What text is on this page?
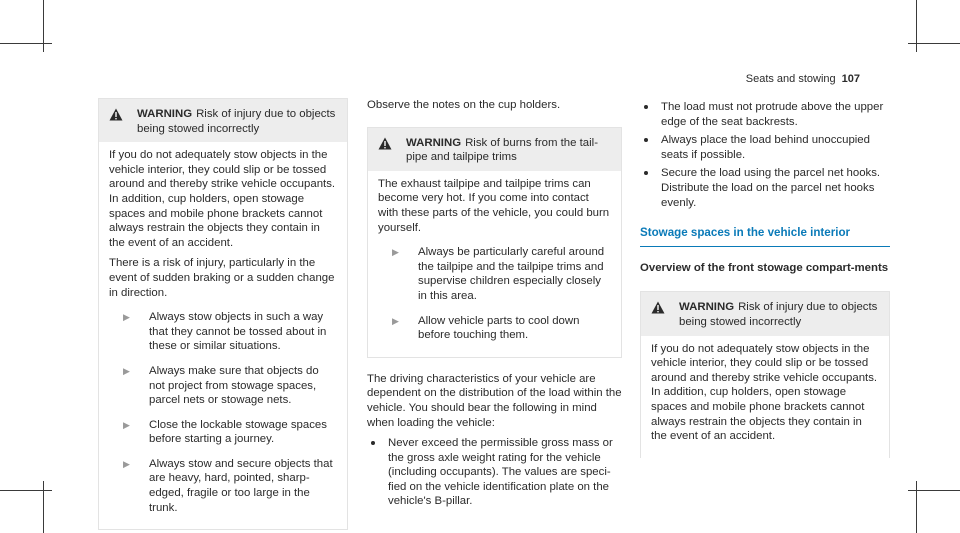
Seats and stowing 107
WARNING Risk of injury due to objects being stowed incorrectly

If you do not adequately stow objects in the vehicle interior, they could slip or be tossed around and thereby strike vehicle occupants. In addition, cup holders, open stowage spaces and mobile phone brackets cannot always restrain the objects they contain in the event of an accident.

There is a risk of injury, particularly in the event of sudden braking or a sudden change in direction.

▶ Always stow objects in such a way that they cannot be tossed about in these or similar situations.
▶ Always make sure that objects do not project from stowage spaces, parcel nets or stowage nets.
▶ Close the lockable stowage spaces before starting a journey.
▶ Always stow and secure objects that are heavy, hard, pointed, sharp-edged, fragile or too large in the trunk.

Observe the notes on the cup holders.

WARNING Risk of burns from the tail-pipe and tailpipe trims

The exhaust tailpipe and tailpipe trims can become very hot. If you come into contact with these parts of the vehicle, you could burn yourself.

▶ Always be particularly careful around the tailpipe and the tailpipe trims and supervise children especially closely in this area.
▶ Allow vehicle parts to cool down before touching them.

The driving characteristics of your vehicle are dependent on the distribution of the load within the vehicle. You should bear the following in mind when loading the vehicle:

Never exceed the permissible gross mass or the gross axle weight rating for the vehicle (including occupants). The values are speci-fied on the vehicle identification plate on the vehicle's B-pillar.
The load must not protrude above the upper edge of the seat backrests.
Always place the load behind unoccupied seats if possible.
Secure the load using the parcel net hooks. Distribute the load on the parcel net hooks evenly.
Stowage spaces in the vehicle interior
Overview of the front stowage compart-ments
WARNING Risk of injury due to objects being stowed incorrectly

If you do not adequately stow objects in the vehicle interior, they could slip or be tossed around and thereby strike vehicle occupants. In addition, cup holders, open stowage spaces and mobile phone brackets cannot always restrain the objects they contain in the event of an accident.
